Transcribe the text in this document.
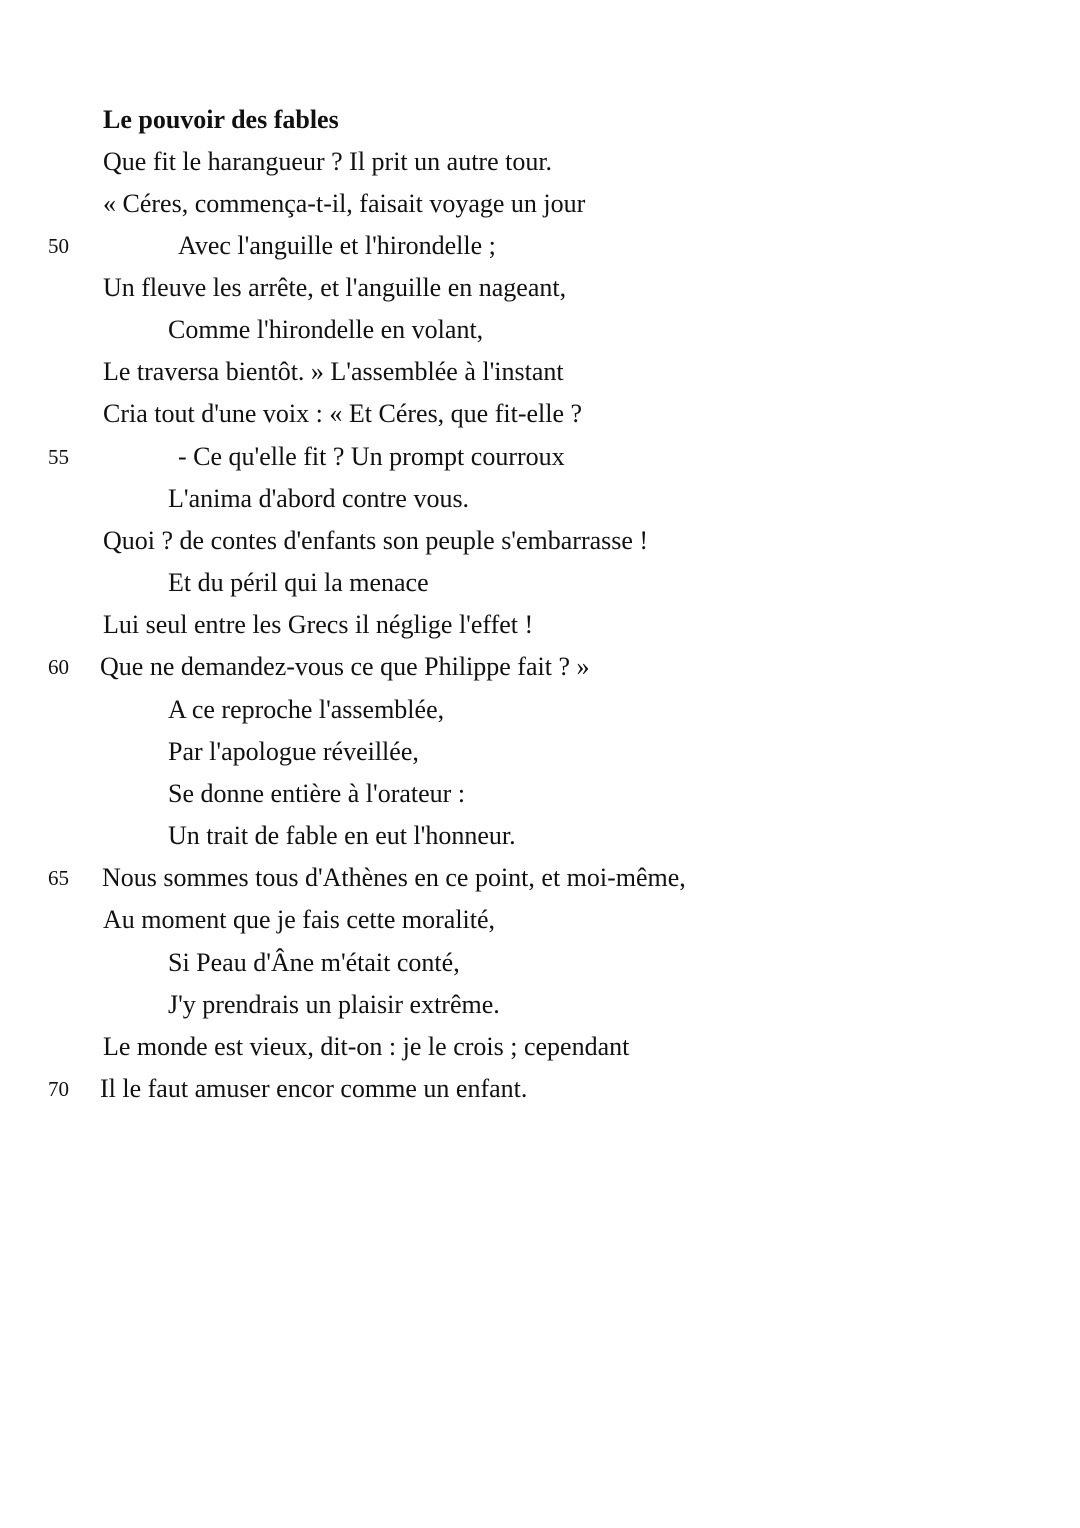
Le pouvoir des fables
Que fit le harangueur ? Il prit un autre tour.
« Céres, commença-t-il, faisait voyage un jour
Avec l'anguille et l'hirondelle ;
Un fleuve les arrête, et l'anguille en nageant,
Comme l'hirondelle en volant,
Le traversa bientôt. » L'assemblée à l'instant
Cria tout d'une voix : « Et Céres, que fit-elle ?
- Ce qu'elle fit ? Un prompt courroux
L'anima d'abord contre vous.
Quoi ? de contes d'enfants son peuple s'embarrasse !
Et du péril qui la menace
Lui seul entre les Grecs il néglige l'effet !
Que ne demandez-vous ce que Philippe fait ? »
A ce reproche l'assemblée,
Par l'apologue réveillée,
Se donne entière à l'orateur :
Un trait de fable en eut l'honneur.
Nous sommes tous d'Athènes en ce point, et moi-même,
Au moment que je fais cette moralité,
Si Peau d'Âne m'était conté,
J'y prendrais un plaisir extrême.
Le monde est vieux, dit-on : je le crois ; cependant
Il le faut amuser encor comme un enfant.
50
55
60
65
70
